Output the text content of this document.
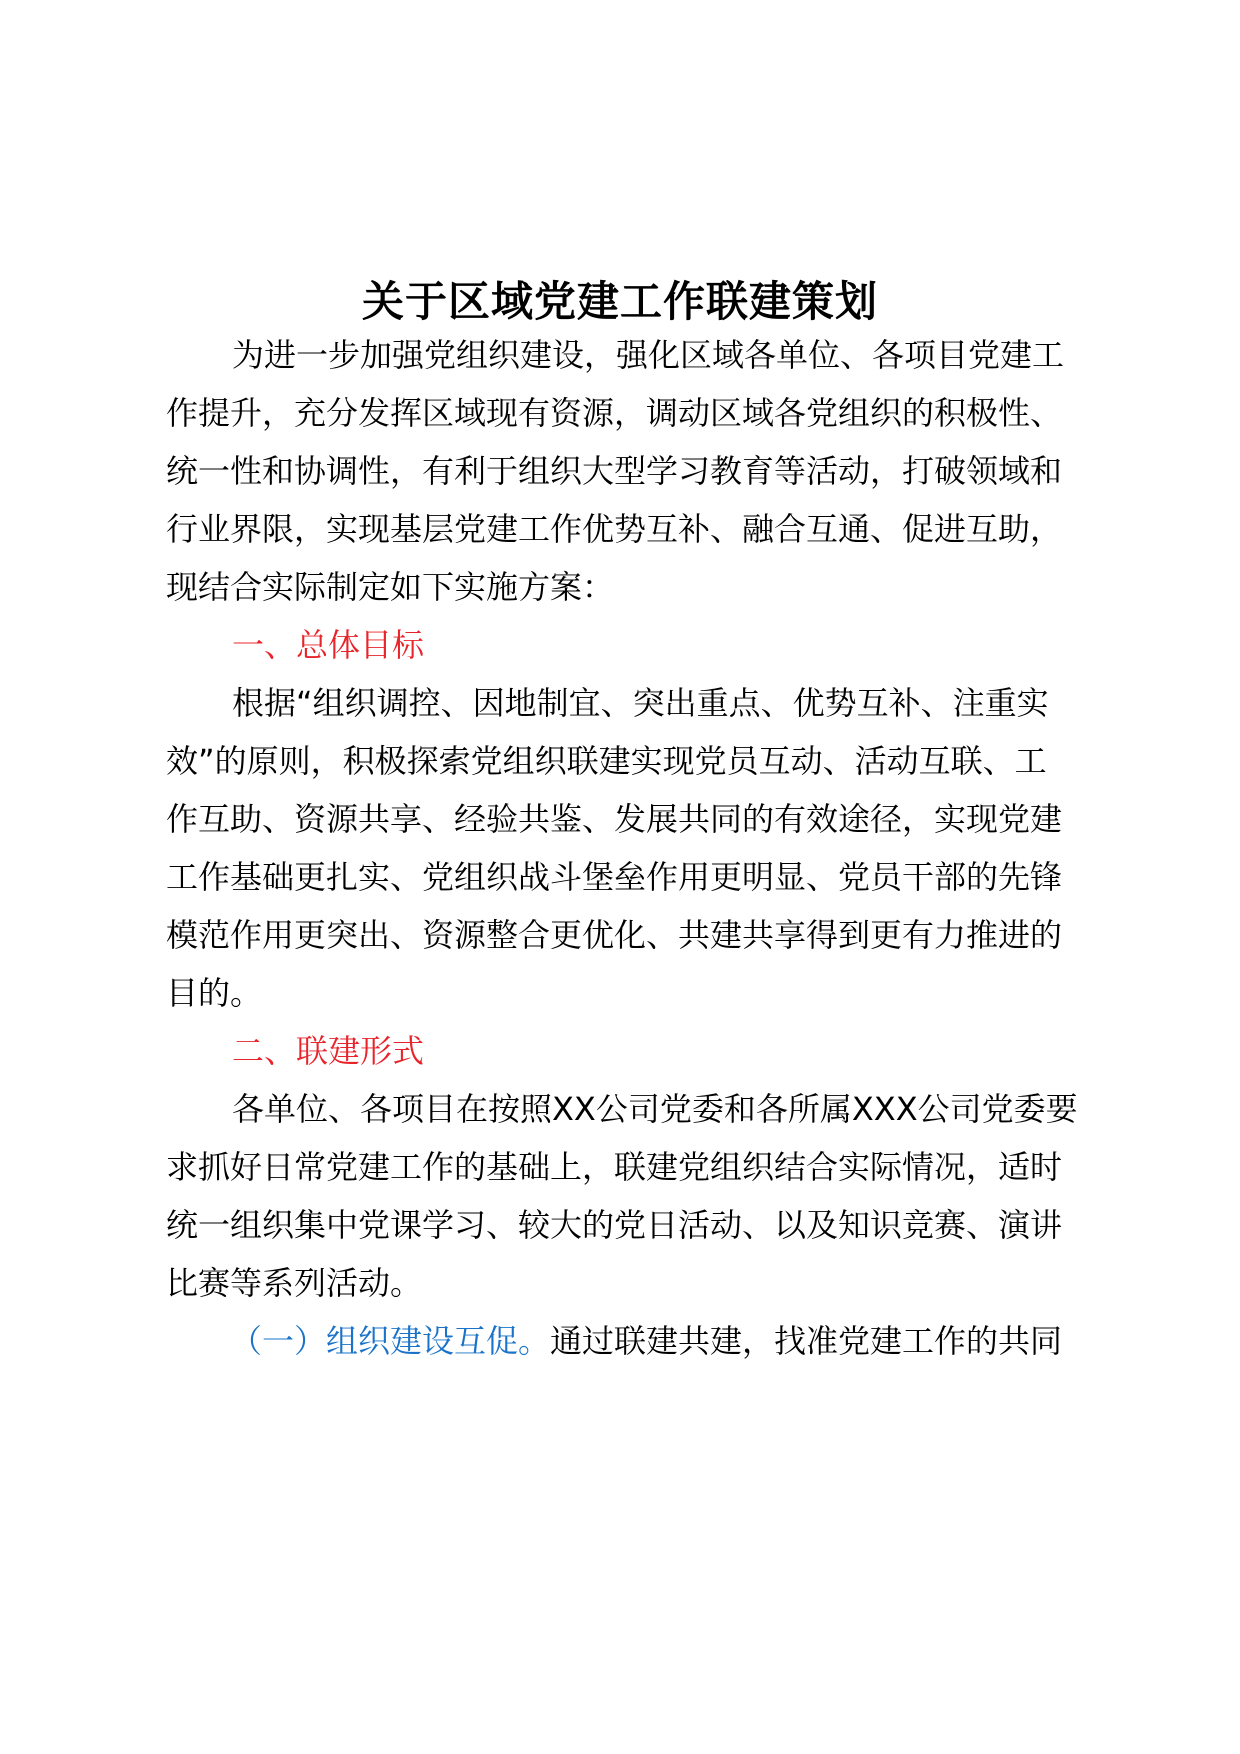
关于区域党建工作联建策划
为进一步加强党组织建设，强化区域各单位、各项目党建工
作提升，充分发挥区域现有资源，调动区域各党组织的积极性、
统一性和协调性，有利于组织大型学习教育等活动，打破领域和
行业界限，实现基层党建工作优势互补、融合互通、促进互助，
现结合实际制定如下实施方案：
一、总体目标
根据“组织调控、因地制宜、突出重点、优势互补、注重实
效”的原则，积极探索党组织联建实现党员互动、活动互联、工
作互助、资源共享、经验共鉴、发展共同的有效途径，实现党建
工作基础更扎实、党组织战斗堡垒作用更明显、党员干部的先锋
模范作用更突出、资源整合更优化、共建共享得到更有力推进的
目的。
二、联建形式
各单位、各项目在按照XX公司党委和各所属XXX公司党委要
求抓好日常党建工作的基础上，联建党组织结合实际情况，适时
统一组织集中党课学习、较大的党日活动、以及知识竞赛、演讲
比赛等系列活动。
（一）组织建设互促。通过联建共建，找准党建工作的共同
